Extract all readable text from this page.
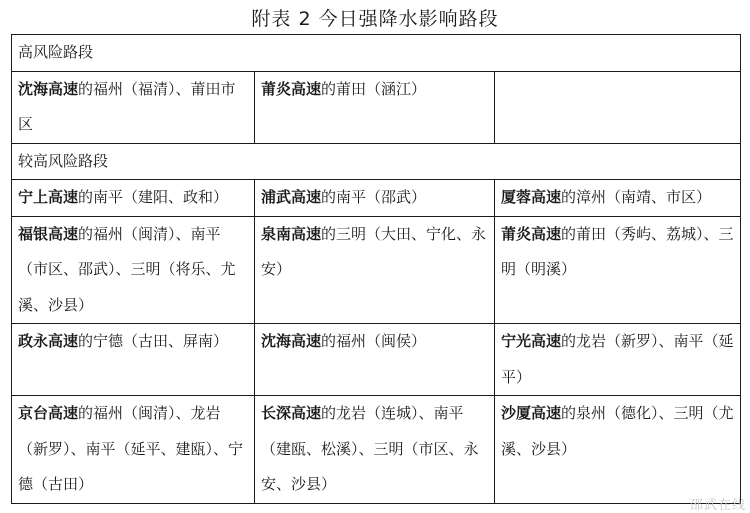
附表 2 今日强降水影响路段
高风险路段		
沈海高速的福州（福清）、莆田市区	莆炎高速的莆田（涵江）	
较高风险路段		
宁上高速的南平（建阳、政和）	浦武高速的南平（邵武）	厦蓉高速的漳州（南靖、市区）
福银高速的福州（闽清）、南平（市区、邵武）、三明（将乐、尤溪、沙县）	泉南高速的三明（大田、宁化、永安）	莆炎高速的莆田（秀屿、荔城）、三明（明溪）
政永高速的宁德（古田、屏南）	沈海高速的福州（闽侯）	宁光高速的龙岩（新罗）、南平（延平）
京台高速的福州（闽清）、龙岩（新罗）、南平（延平、建瓯）、宁德（古田）	长深高速的龙岩（连城）、南平（建瓯、松溪）、三明（市区、永安、沙县）	沙厦高速的泉州（德化）、三明（尤溪、沙县）
邵武在线
